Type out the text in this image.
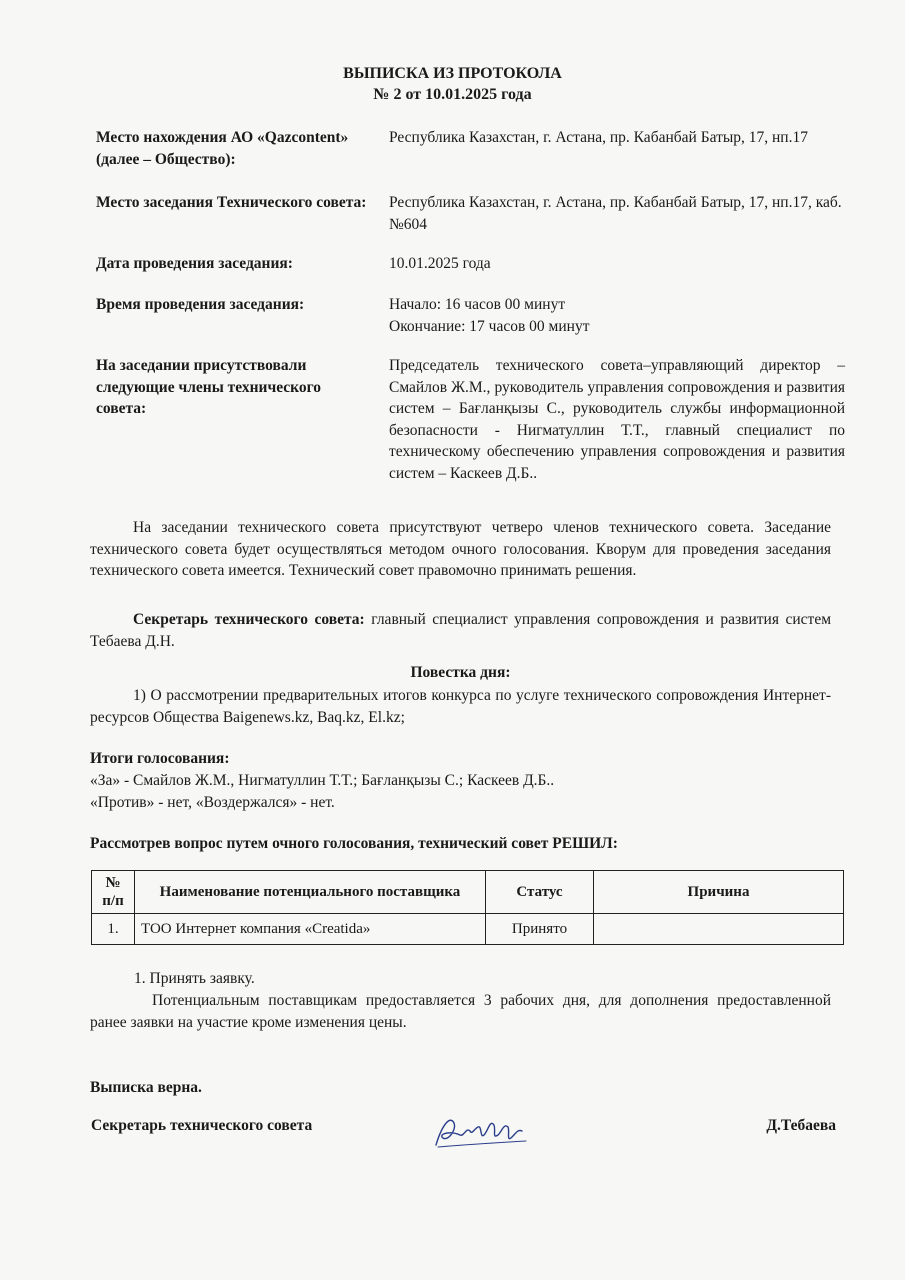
ВЫПИСКА ИЗ ПРОТОКОЛА
№ 2 от 10.01.2025 года
Место нахождения АО «Qazcontent» (далее – Общество):
Республика Казахстан, г. Астана, пр. Кабанбай Батыр, 17, нп.17
Место заседания Технического совета: Республика Казахстан, г. Астана, пр. Кабанбай Батыр, 17, нп.17, каб. №604
Дата проведения заседания:	10.01.2025 года
Время проведения заседания:	Начало: 16 часов 00 минут
Окончание: 17 часов 00 минут
На заседании присутствовали следующие члены технического совета:
Председатель технического совета–управляющий директор – Смайлов Ж.М., руководитель управления сопровождения и развития систем – Бағланқызы С., руководитель службы информационной безопасности - Нигматуллин Т.Т., главный специалист по техническому обеспечению управления сопровождения и развития систем – Каскеев Д.Б..
На заседании технического совета присутствуют четверо членов технического совета. Заседание технического совета будет осуществляться методом очного голосования. Кворум для проведения заседания технического совета имеется. Технический совет правомочно принимать решения.
Секретарь технического совета: главный специалист управления сопровождения и развития систем Тебаева Д.Н.
Повестка дня:
1) О рассмотрении предварительных итогов конкурса по услуге технического сопровождения Интернет-ресурсов Общества Baigenews.kz, Baq.kz, El.kz;
Итоги голосования:
«За» - Смайлов Ж.М., Нигматуллин Т.Т.; Бағланқызы С.; Каскеев Д.Б..
«Против» - нет, «Воздержался» - нет.
Рассмотрев вопрос путем очного голосования, технический совет РЕШИЛ:
№ п/п	Наименование потенциального поставщика	Статус	Причина
1.	ТОО Интернет компания «Creatida»	Принято	
1. Принять заявку.
Потенциальным поставщикам предоставляется 3 рабочих дня, для дополнения предоставленной ранее заявки на участие кроме изменения цены.
Выписка верна.
Секретарь технического совета	Д.Тебаева
